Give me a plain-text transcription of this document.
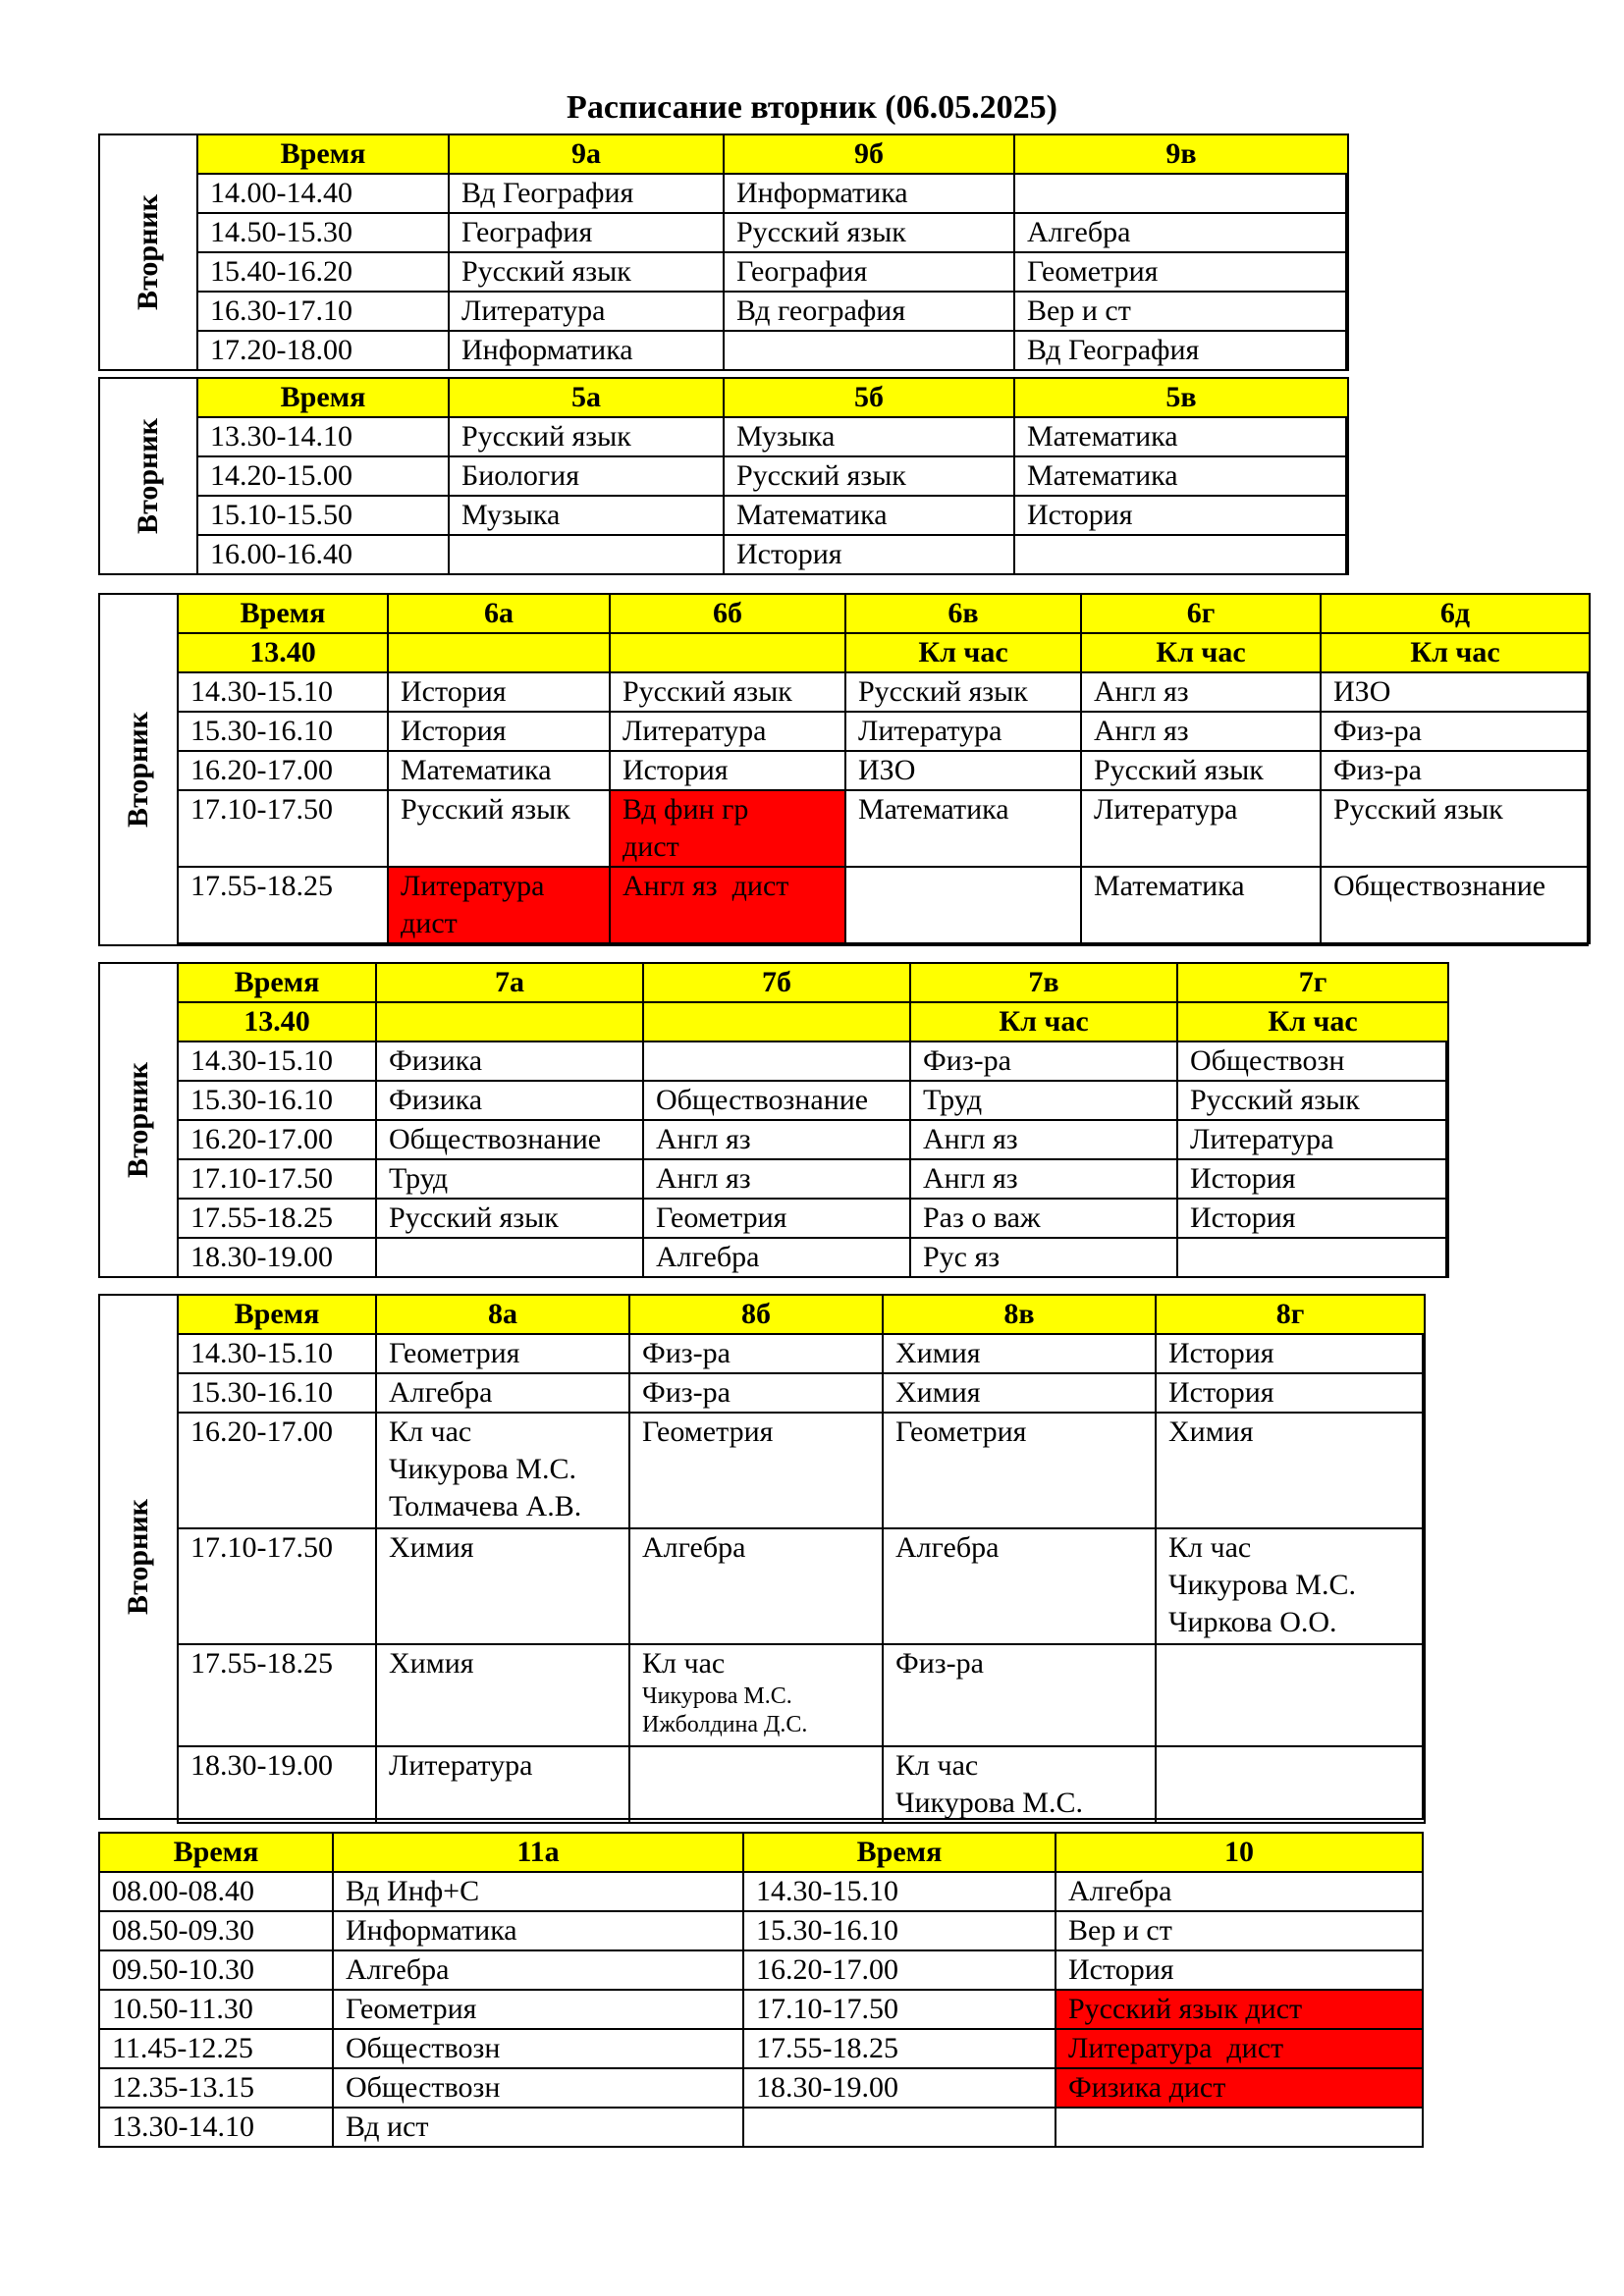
Расписание вторник (06.05.2025)
Вторник
Время	9а	9б	9в
14.00-14.40	Вд География	Информатика	
14.50-15.30	География	Русский язык	Алгебра
15.40-16.20	Русский язык	География	Геометрия
16.30-17.10	Литература	Вд география	Вер и ст
17.20-18.00	Информатика		Вд География
Вторник
Время	5а	5б	5в
13.30-14.10	Русский язык	Музыка	Математика
14.20-15.00	Биология	Русский язык	Математика
15.10-15.50	Музыка	Математика	История
16.00-16.40		История	
Вторник
Время	6а	6б	6в	6г	6д
13.40			Кл час	Кл час	Кл час
14.30-15.10	История	Русский язык	Русский язык	Англ яз	ИЗО
15.30-16.10	История	Литература	Литература	Англ яз	Физ-ра
16.20-17.00	Математика	История	ИЗО	Русский язык	Физ-ра
17.10-17.50	Русский язык	Вд фин гр дист	Математика	Литература	Русский язык
17.55-18.25	Литература дист	Англ яз  дист		Математика	Обществознание
Вторник
Время	7а	7б	7в	7г
13.40			Кл час	Кл час
14.30-15.10	Физика		Физ-ра	Обществозн
15.30-16.10	Физика	Обществознание	Труд	Русский язык
16.20-17.00	Обществознание	Англ яз	Англ яз	Литература
17.10-17.50	Труд	Англ яз	Англ яз	История
17.55-18.25	Русский язык	Геометрия	Раз о важ	История
18.30-19.00		Алгебра	Рус яз	
Вторник
Время	8а	8б	8в	8г
14.30-15.10	Геометрия	Физ-ра	Химия	История
15.30-16.10	Алгебра	Физ-ра	Химия	История
16.20-17.00	Кл час
Чикурова М.С.
Толмачева А.В.	Геометрия	Геометрия	Химия
17.10-17.50	Химия	Алгебра	Алгебра	Кл час
Чикурова М.С.
Чиркова О.О.

17.55-18.25	Химия	Кл час
Чикурова М.С.
Ижболдина Д.С.	Физ-ра	
18.30-19.00	Литература		Кл час
Чикурова М.С.	

Время	11а	Время	10
08.00-08.40	Вд Инф+С	14.30-15.10	Алгебра
08.50-09.30	Информатика	15.30-16.10	Вер и ст
09.50-10.30	Алгебра	16.20-17.00	История
10.50-11.30	Геометрия	17.10-17.50	Русский язык дист
11.45-12.25	Обществозн	17.55-18.25	Литература  дист
12.35-13.15	Обществозн	18.30-19.00	Физика дист
13.30-14.10	Вд ист		
